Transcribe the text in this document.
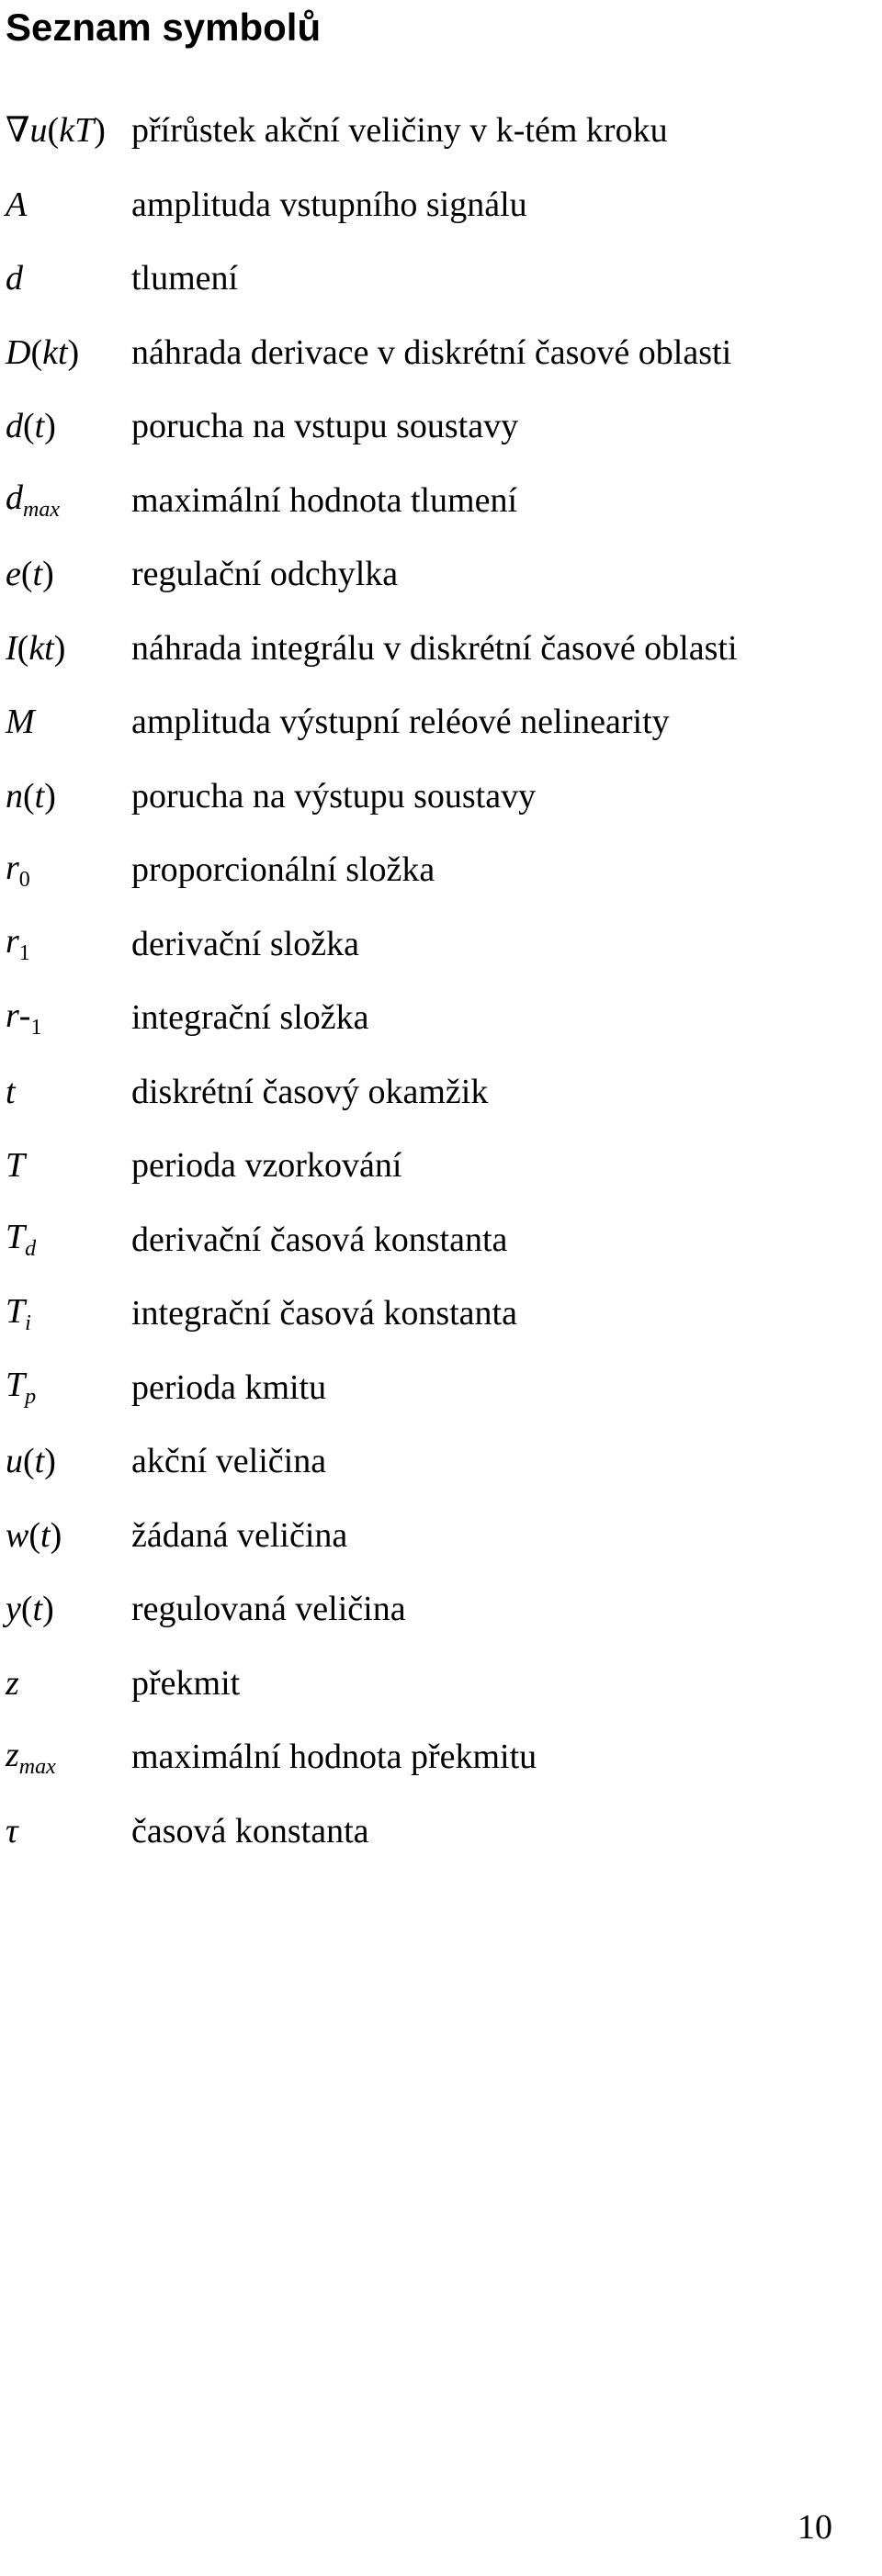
Seznam symbolů
∇u(kT) přírůstek akční veličiny v k-tém kroku
A	amplituda vstupního signálu
d	tlumení
D(kt)	náhrada derivace v diskrétní časové oblasti
d(t)	porucha na vstupu soustavy
$d_{max}$	maximální hodnota tlumení
e(t)	regulační odchylka
I(kt)	náhrada integrálu v diskrétní časové oblasti
M	amplituda výstupní reléové nelinearity
n(t)	porucha na výstupu soustavy
$r_0$	proporcionální složka
$r_1$	derivační složka
$r-_1$	integrační složka
t	diskrétní časový okamžik
T	perioda vzorkování
$T_d$	derivační časová konstanta
$T_i$	integrační časová konstanta
$T_p$	perioda kmitu
u(t)	akční veličina
w(t)	žádaná veličina
y(t)	regulovaná veličina
z	překmit
$z_{max}$	maximální hodnota překmitu
τ	časová konstanta
10
